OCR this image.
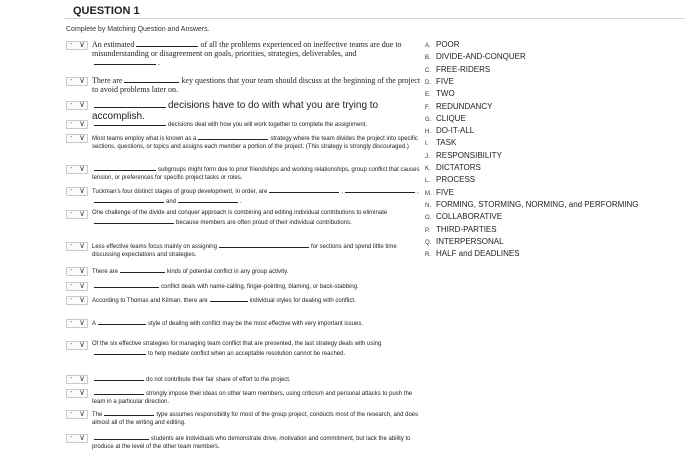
QUESTION 1
Complete by Matching Question and Answers.
- ∨ An estimated	of all the problems experienced on ineffective teams are due to misunderstanding or disagreement on goals, priorities, strategies, deliverables, and.
- ∨ There are	key questions that your team should discuss at the beginning of the project to avoid problems later on.
- ∨	decisions have to do with what you are trying to accomplish.
- ∨	decisions deal with how you will work together to complete the assignment.
- ∨ Most teams employ what is known as a	strategy where the team divides the project into specific sections, questions, or topics and assigns each member a portion of the project. (This strategy is strongly discouraged.)
- ∨	subgroups might form due to prior friendships and working relationships, group conflict that causes tension, or preferences for specific project tasks or roles.
- ∨ Tuckman's four distinct stages of group development, in order, are	,	,and	.
- ∨ One challenge of the divide and conquer approach is combining and editing individual contributions to eliminatebecause members are often proud of their individual contributions.
- ∨ Less effective teams focus mainly on assigning	for sections and spend little time discussing expectations and strategies.
- ∨ There are	kinds of potential conflict in any group activity.
- ∨	conflict deals with name-calling, finger-pointing, blaming, or back-stabbing.
- ∨ According to Thomas and Kilman, there are	individual styles for dealing with conflict.
- ∨ A	style of dealing with conflict may be the most effective with very important issues.
- ∨ Of the six effective strategies for managing team conflict that are presented, the last strategy deals with usingto help mediate conflict when an acceptable resolution cannot be reached.
- ∨	do not contribute their fair share of effort to the project.
- ∨	strongly impose their ideas on other team members, using criticism and personal attacks to push the team in a particular direction.
- ∨ The	type assumes responsibility for most of the group project, conducts most of the research, and does almost all of the writing and editing.
- ∨	students are individuals who demonstrate drive, motivation and commitment, but lack the ability to produce at the level of the other team members.
A. POOR
B. DIVIDE-AND-CONQUER
C. FREE-RIDERS
D. FIVE
E. TWO
F. REDUNDANCY
G. CLIQUE
H. DO-IT-ALL
I. TASK
J. RESPONSIBILITY
K. DICTATORS
L. PROCESS
M. FIVE
N. FORMING, STORMING, NORMING, and PERFORMING
O. COLLABORATIVE
P. THIRD-PARTIES
Q. INTERPERSONAL
R. HALF and DEADLINES
